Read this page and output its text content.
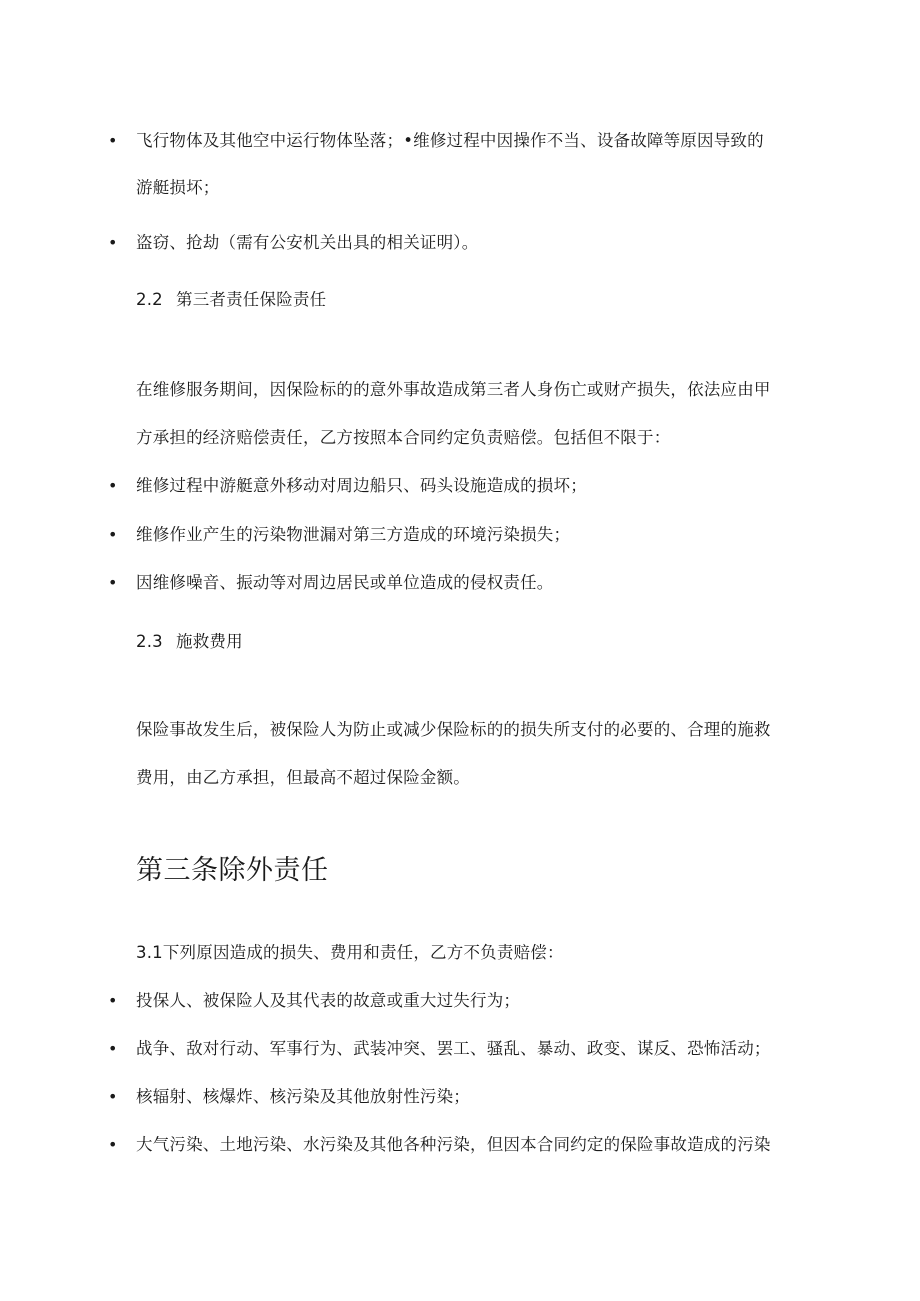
• 飞行物体及其他空中运行物体坠落；•维修过程中因操作不当、设备故障等原因导致的
游艇损坏；
• 盗窃、抢劫（需有公安机关出具的相关证明）。
2.2 第三者责任保险责任
在维修服务期间，因保险标的的意外事故造成第三者人身伤亡或财产损失，依法应由甲
方承担的经济赔偿责任，乙方按照本合同约定负责赔偿。包括但不限于：
• 维修过程中游艇意外移动对周边船只、码头设施造成的损坏；
• 维修作业产生的污染物泄漏对第三方造成的环境污染损失；
• 因维修噪音、振动等对周边居民或单位造成的侵权责任。
2.3 施救费用
保险事故发生后，被保险人为防止或减少保险标的的损失所支付的必要的、合理的施救
费用，由乙方承担，但最高不超过保险金额。
第三条除外责任
3.1下列原因造成的损失、费用和责任，乙方不负责赔偿：
• 投保人、被保险人及其代表的故意或重大过失行为；
• 战争、敌对行动、军事行为、武装冲突、罢工、骚乱、暴动、政变、谋反、恐怖活动；
• 核辐射、核爆炸、核污染及其他放射性污染；
• 大气污染、土地污染、水污染及其他各种污染，但因本合同约定的保险事故造成的污染
